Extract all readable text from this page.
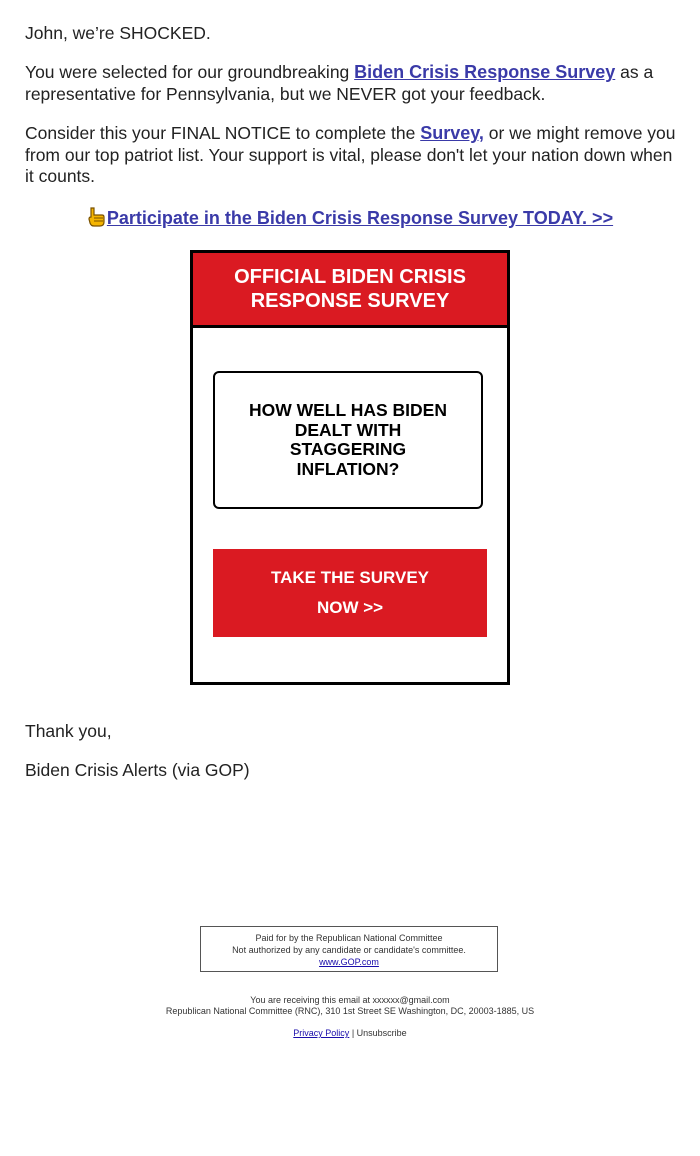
John, we’re SHOCKED.

You were selected for our groundbreaking Biden Crisis Response Survey as a representative for Pennsylvania, but we NEVER got your feedback.

Consider this your FINAL NOTICE to complete the Survey, or we might remove you from our top patriot list. Your support is vital, please don't let your nation down when it counts.

Participate in the Biden Crisis Response Survey TODAY. >>
OFFICIAL BIDEN CRISIS RESPONSE SURVEY
HOW WELL HAS BIDEN DEALT WITH STAGGERING INFLATION?
TAKE THE SURVEY NOW >>

Thank you,

Biden Crisis Alerts (via GOP)

Paid for by the Republican National Committee
Not authorized by any candidate or candidate's committee.
www.GOP.com
You are receiving this email at xxxxxx@gmail.com
Republican National Committee (RNC), 310 1st Street SE Washington, DC, 20003-1885, US
Privacy Policy | Unsubscribe
